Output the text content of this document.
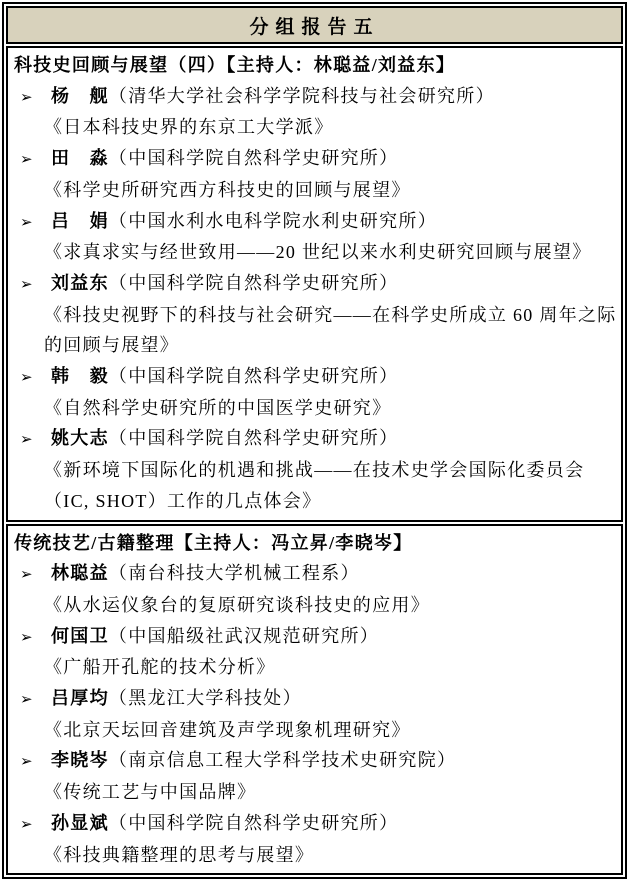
分组报告五
科技史回顾与展望（四）【主持人：林聪益/刘益东】
➢ 杨　舰（清华大学社会科学学院科技与社会研究所）
《日本科技史界的东京工大学派》
➢ 田　淼（中国科学院自然科学史研究所）
《科学史所研究西方科技史的回顾与展望》
➢ 吕　娟（中国水利水电科学院水利史研究所）
《求真求实与经世致用——20 世纪以来水利史研究回顾与展望》
➢ 刘益东（中国科学院自然科学史研究所）
《科技史视野下的科技与社会研究——在科学史所成立 60 周年之际
的回顾与展望》
➢ 韩　毅（中国科学院自然科学史研究所）
《自然科学史研究所的中国医学史研究》
➢ 姚大志（中国科学院自然科学史研究所）
《新环境下国际化的机遇和挑战——在技术史学会国际化委员会
（IC, SHOT）工作的几点体会》
传统技艺/古籍整理【主持人：冯立昇/李晓岑】
➢ 林聪益（南台科技大学机械工程系）
《从水运仪象台的复原研究谈科技史的应用》
➢ 何国卫（中国船级社武汉规范研究所）
《广船开孔舵的技术分析》
➢ 吕厚均（黑龙江大学科技处）
《北京天坛回音建筑及声学现象机理研究》
➢ 李晓岑（南京信息工程大学科学技术史研究院）
《传统工艺与中国品牌》
➢ 孙显斌（中国科学院自然科学史研究所）
《科技典籍整理的思考与展望》
